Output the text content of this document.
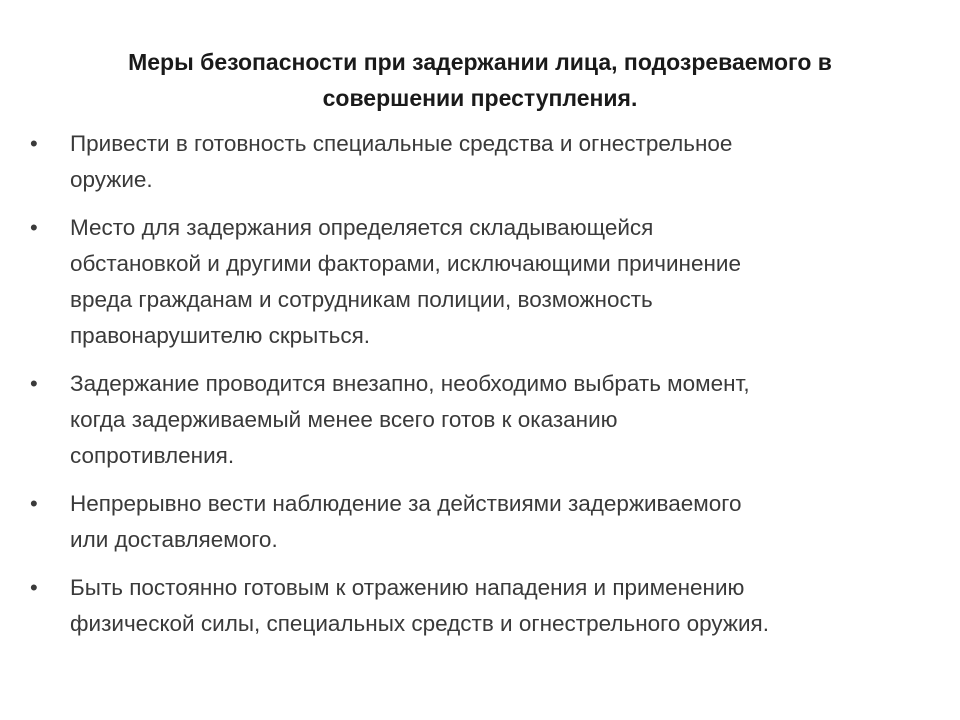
Меры безопасности при задержании лица, подозреваемого в
совершении преступления.
•	Привести в готовность специальные средства и огнестрельное
оружие.
•	Место для задержания определяется складывающейся
обстановкой и другими факторами, исключающими причинение
вреда гражданам и сотрудникам полиции, возможность
правонарушителю скрыться.
•	Задержание проводится внезапно, необходимо выбрать момент,
когда задерживаемый менее всего готов к оказанию
сопротивления.
•	Непрерывно вести наблюдение за действиями задерживаемого
или доставляемого.
•	Быть постоянно готовым к отражению нападения и применению
физической силы, специальных средств и огнестрельного оружия.
